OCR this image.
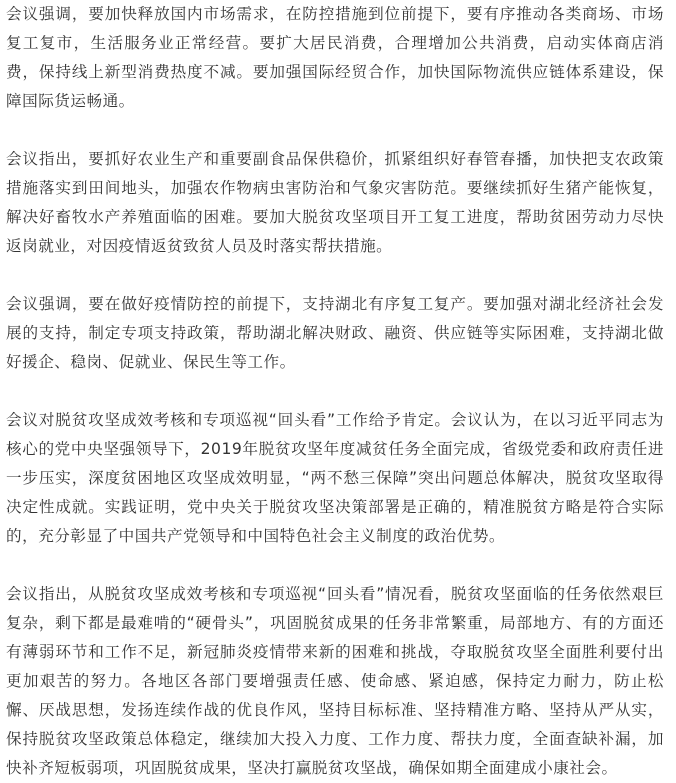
会议强调，要加快释放国内市场需求，在防控措施到位前提下，要有序推动各类商场、市场复工复市，生活服务业正常经营。要扩大居民消费，合理增加公共消费，启动实体商店消费，保持线上新型消费热度不减。要加强国际经贸合作，加快国际物流供应链体系建设，保障国际货运畅通。

会议指出，要抓好农业生产和重要副食品保供稳价，抓紧组织好春管春播，加快把支农政策措施落实到田间地头，加强农作物病虫害防治和气象灾害防范。要继续抓好生猪产能恢复，解决好畜牧水产养殖面临的困难。要加大脱贫攻坚项目开工复工进度，帮助贫困劳动力尽快返岗就业，对因疫情返贫致贫人员及时落实帮扶措施。

会议强调，要在做好疫情防控的前提下，支持湖北有序复工复产。要加强对湖北经济社会发展的支持，制定专项支持政策，帮助湖北解决财政、融资、供应链等实际困难，支持湖北做好援企、稳岗、促就业、保民生等工作。

会议对脱贫攻坚成效考核和专项巡视“回头看”工作给予肯定。会议认为，在以习近平同志为核心的党中央坚强领导下，2019年脱贫攻坚年度减贫任务全面完成，省级党委和政府责任进一步压实，深度贫困地区攻坚成效明显，“两不愁三保障”突出问题总体解决，脱贫攻坚取得决定性成就。实践证明，党中央关于脱贫攻坚决策部署是正确的，精准脱贫方略是符合实际的，充分彰显了中国共产党领导和中国特色社会主义制度的政治优势。

会议指出，从脱贫攻坚成效考核和专项巡视“回头看”情况看，脱贫攻坚面临的任务依然艰巨复杂，剩下都是最难啃的“硬骨头”，巩固脱贫成果的任务非常繁重，局部地方、有的方面还有薄弱环节和工作不足，新冠肺炎疫情带来新的困难和挑战，夺取脱贫攻坚全面胜利要付出更加艰苦的努力。各地区各部门要增强责任感、使命感、紧迫感，保持定力耐力，防止松懈、厌战思想，发扬连续作战的优良作风，坚持目标标准、坚持精准方略、坚持从严从实，保持脱贫攻坚政策总体稳定，继续加大投入力度、工作力度、帮扶力度，全面查缺补漏，加快补齐短板弱项，巩固脱贫成果，坚决打赢脱贫攻坚战，确保如期全面建成小康社会。
